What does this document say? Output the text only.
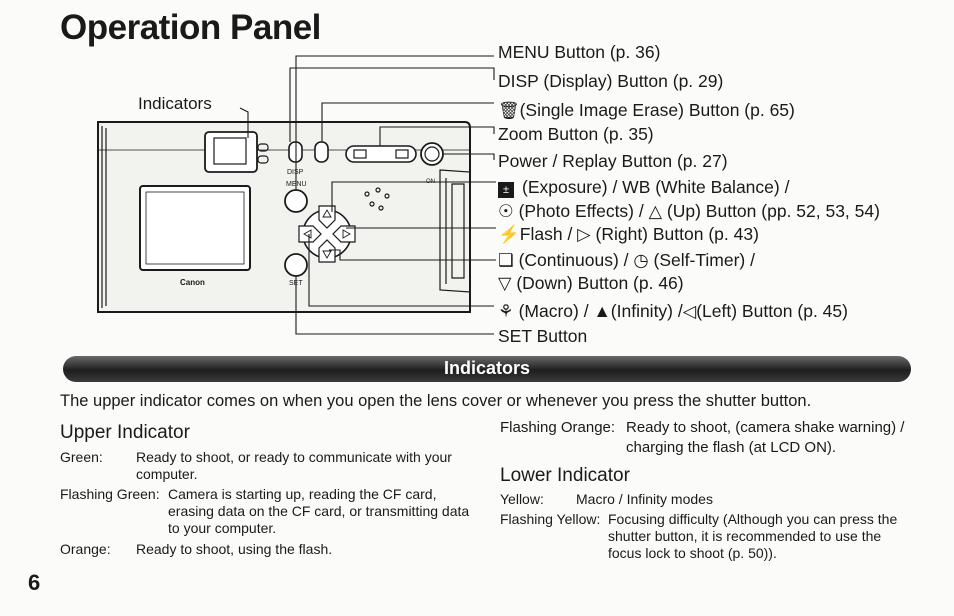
Operation Panel
DISP
MENU
SET
ON
Canon
Indicators
MENU Button (p. 36)
DISP (Display) Button (p. 29)
🗑(Single Image Erase) Button (p. 65)
Zoom Button (p. 35)
Power / Replay Button (p. 27)
± (Exposure) / WB (White Balance) /
☉ (Photo Effects) / △ (Up) Button (pp. 52, 53, 54)
⚡Flash / ▷ (Right) Button (p. 43)
❑ (Continuous) / ◷ (Self-Timer) /
▽ (Down) Button (p. 46)
⚘ (Macro) / ▲(Infinity) /◁(Left) Button (p. 45)
SET Button
Indicators
The upper indicator comes on when you open the lens cover or whenever you press the shutter button.
Upper Indicator
Green: Ready to shoot, or ready to communicate with your computer.
Flashing Green: Camera is starting up, reading the CF card, erasing data on the CF card, or transmitting data to your computer.
Orange: Ready to shoot, using the flash.
Flashing Orange: Ready to shoot, (camera shake warning) / charging the flash (at LCD ON).
Lower Indicator
Yellow: Macro / Infinity modes
Flashing Yellow: Focusing difficulty (Although you can press the shutter button, it is recommended to use the focus lock to shoot (p. 50)).
6
